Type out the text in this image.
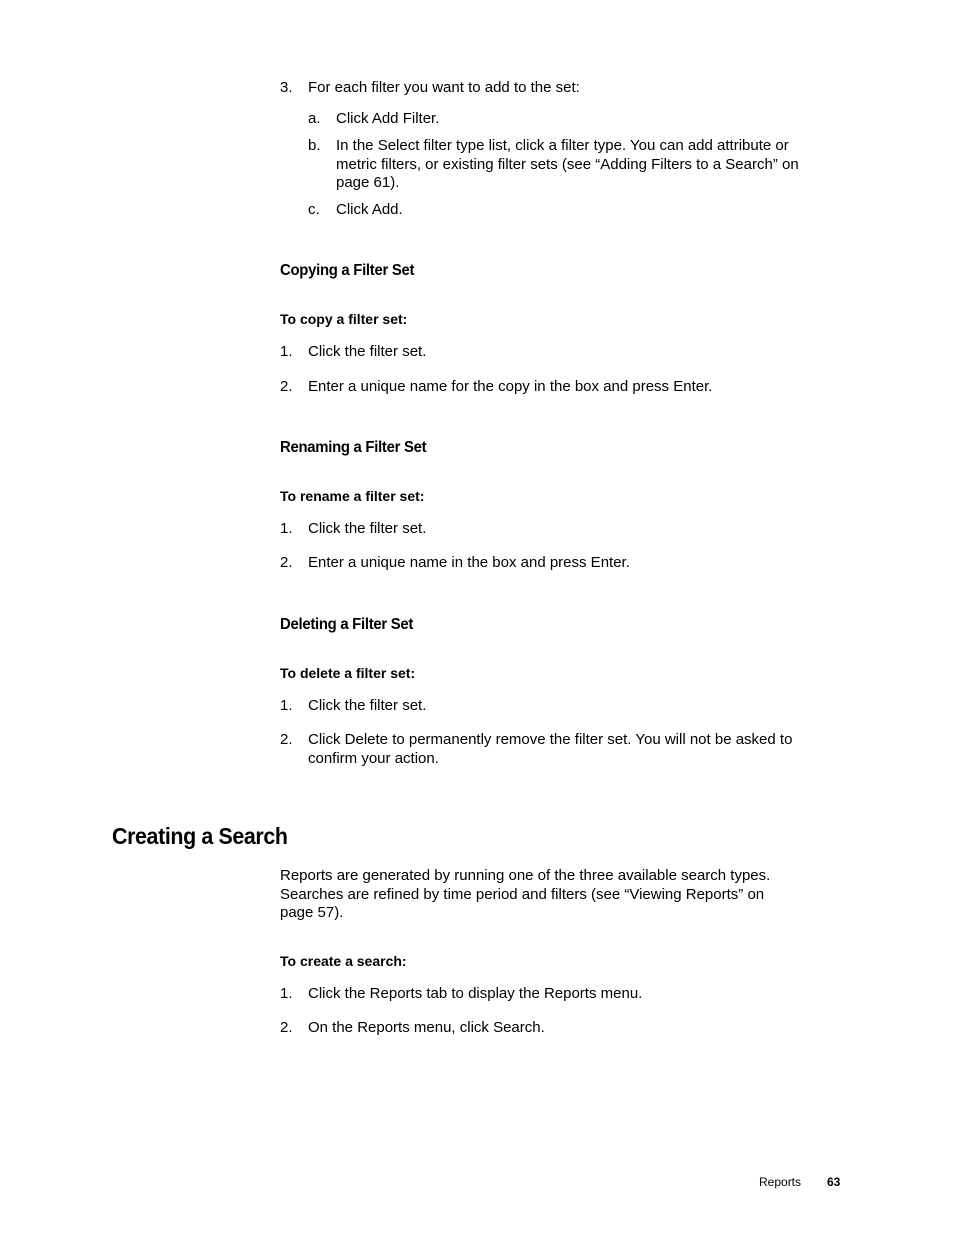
3. For each filter you want to add to the set:
a. Click Add Filter.
b. In the Select filter type list, click a filter type. You can add attribute or metric filters, or existing filter sets (see “Adding Filters to a Search” on page 61).
c. Click Add.
Copying a Filter Set
To copy a filter set:
1. Click the filter set.
2. Enter a unique name for the copy in the box and press Enter.
Renaming a Filter Set
To rename a filter set:
1. Click the filter set.
2. Enter a unique name in the box and press Enter.
Deleting a Filter Set
To delete a filter set:
1. Click the filter set.
2. Click Delete to permanently remove the filter set. You will not be asked to confirm your action.
Creating a Search
Reports are generated by running one of the three available search types. Searches are refined by time period and filters (see “Viewing Reports” on page 57).
To create a search:
1. Click the Reports tab to display the Reports menu.
2. On the Reports menu, click Search.
Reports 63
